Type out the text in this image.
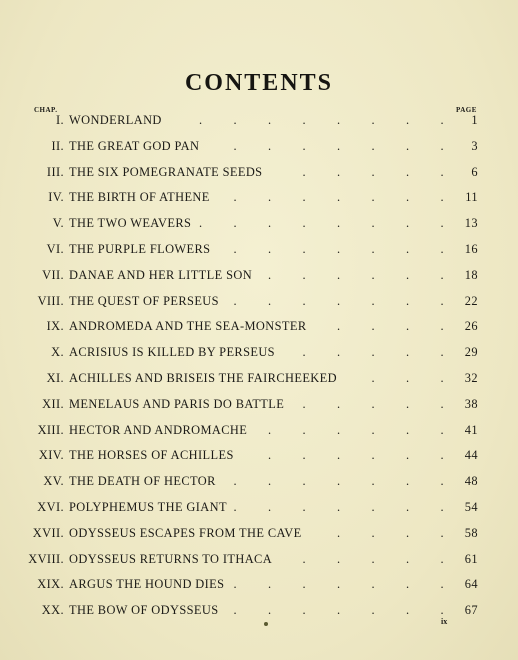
CONTENTS
CHAP.	PAGE
I. WONDERLAND	.	.	.	.	.	.	.	.	1
II. THE GREAT GOD PAN	.	.	.	.	.	.	.	3
III. THE SIX POMEGRANATE SEEDS	.	.	.	.	.	6
IV. THE BIRTH OF ATHENE .	.	.	.	.	.	.	11
V. THE TWO WEAVERS .	.	.	.	.	.	.	.	13
VI. THE PURPLE FLOWERS .	.	.	.	.	.	.	16
VII. DANAE AND HER LITTLE SON .	.	.	.	.	.	18
VIII. THE QUEST OF PERSEUS .	.	.	.	.	.	.	22
IX. ANDROMEDA AND THE SEA-MONSTER .	.	.	.	26
X. ACRISIUS IS KILLED BY PERSEUS .	.	.	.	.	29
XI. ACHILLES AND BRISEIS THE FAIRCHEEKED	.	.	.	32
XII. MENELAUS AND PARIS DO BATTLE .	.	.	.	.	38
XIII. HECTOR AND ANDROMACHE .	.	.	.	.	.	41
XIV. THE HORSES OF ACHILLES	.	.	.	.	.	.	44
XV. THE DEATH OF HECTOR .	.	.	.	.	.	.	48
XVI. POLYPHEMUS THE GIANT .	.	.	.	.	.	.	54
XVII. ODYSSEUS ESCAPES FROM THE CAVE	.	.	.	.	58
XVIII. ODYSSEUS RETURNS TO ITHACA .	.	.	.	.	61
XIX. ARGUS THE HOUND DIES .	.	.	.	.	.	.	64
XX. THE BOW OF ODYSSEUS .	.	.	.	.	.	.	67
ix
